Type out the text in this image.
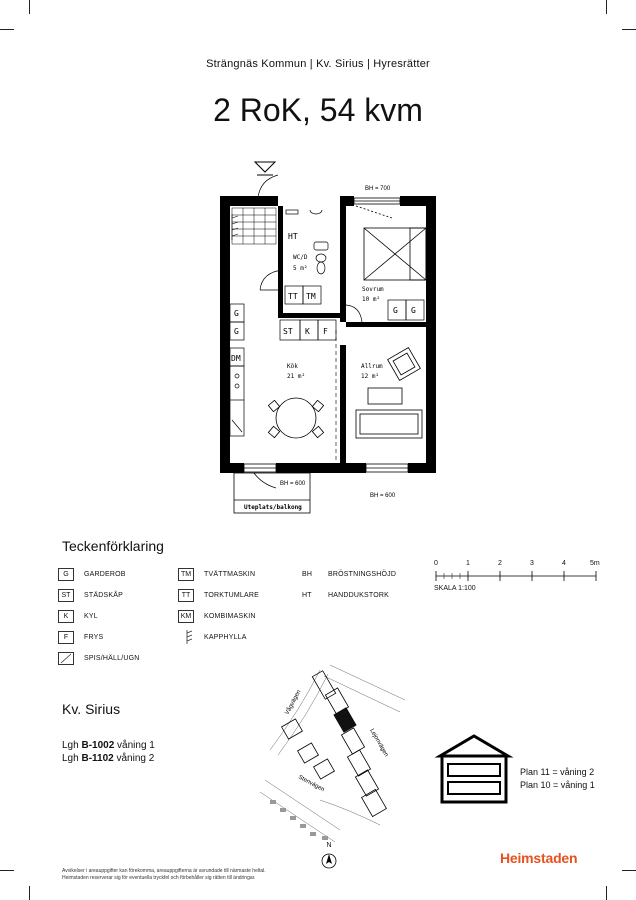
Strängnäs Kommun | Kv. Sirius | Hyresrätter
2 RoK, 54 kvm
BH = 700
BH = 600
BH = 600
Uteplats/balkong
HT
WC/D
5 m²
TT TM
Sovrum
10 m²
G G
ST K F
G
G
DM
Kök
21 m²
Allrum
12 m²
Teckenförklaring
G	GARDEROB
ST	STÄDSKÅP
K	KYL
F	FRYS
SPIS/HÄLL/UGN
TM	TVÄTTMASKIN
TT	TORKTUMLARE
KM	KOMBIMASKIN
KAPPHYLLA
BH BRÖSTNINGSHÖJD
HT HANDDUKSTORK
0	1	2	3	4	5m
SKALA 1:100
Kv. Sirius
Lgh B-1002 våning 1
Lgh B-1102 våning 2
Vågvägen
Lejonvägen
Stenvägen
N
Plan 11 = våning 2
Plan 10 = våning 1
Avvikelser i areauppgifter kan förekomma, areauppgifterna är avrundade till närmaste heltal.
Heimstaden reserverar sig för eventuella tryckfel och förbehåller sig rätten till ändringar.
Heimstaden
